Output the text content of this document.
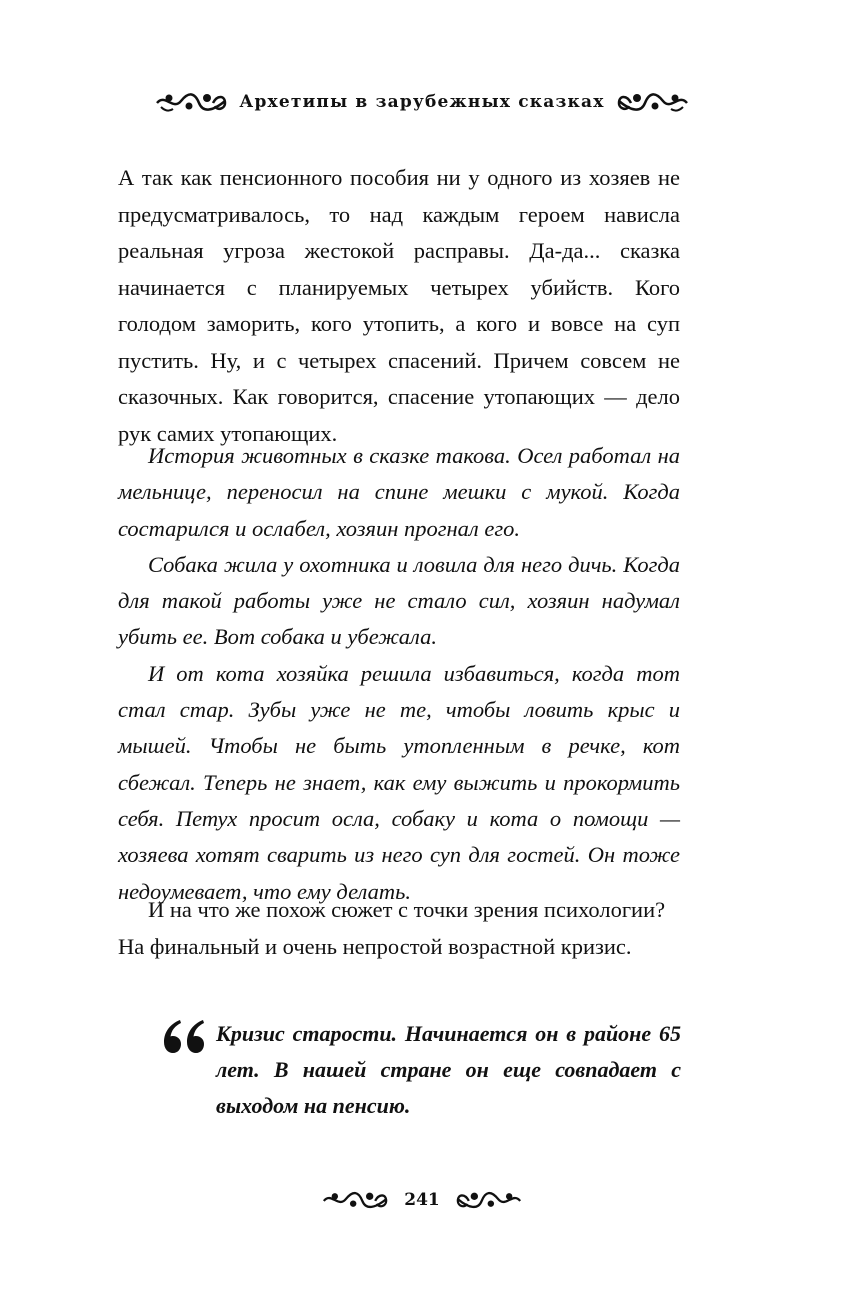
Архетипы в зарубежных сказках

А так как пенсионного пособия ни у одного из хозяев не предусматривалось, то над каждым героем нависла реальная угроза жестокой расправы. Да-да... сказка начинается с планируемых четырех убийств. Кого голодом заморить, кого утопить, а кого и вовсе на суп пустить. Ну, и с четырех спасений. Причем совсем не сказочных. Как говорится, спасение утопающих — дело рук самих утопающих.

История животных в сказке такова. Осел работал на мельнице, переносил на спине мешки с мукой. Когда состарился и ослабел, хозяин прогнал его.

Собака жила у охотника и ловила для него дичь. Когда для такой работы уже не стало сил, хозяин надумал убить ее. Вот собака и убежала.

И от кота хозяйка решила избавиться, когда тот стал стар. Зубы уже не те, чтобы ловить крыс и мышей. Чтобы не быть утопленным в речке, кот сбежал. Теперь не знает, как ему выжить и прокормить себя. Петух просит осла, собаку и кота о помощи — хозяева хотят сварить из него суп для гостей. Он тоже недоумевает, что ему делать.

И на что же похож сюжет с точки зрения психологии? На финальный и очень непростой возрастной кризис.

Кризис старости. Начинается он в районе 65 лет. В нашей стране он еще совпадает с выходом на пенсию.
241
